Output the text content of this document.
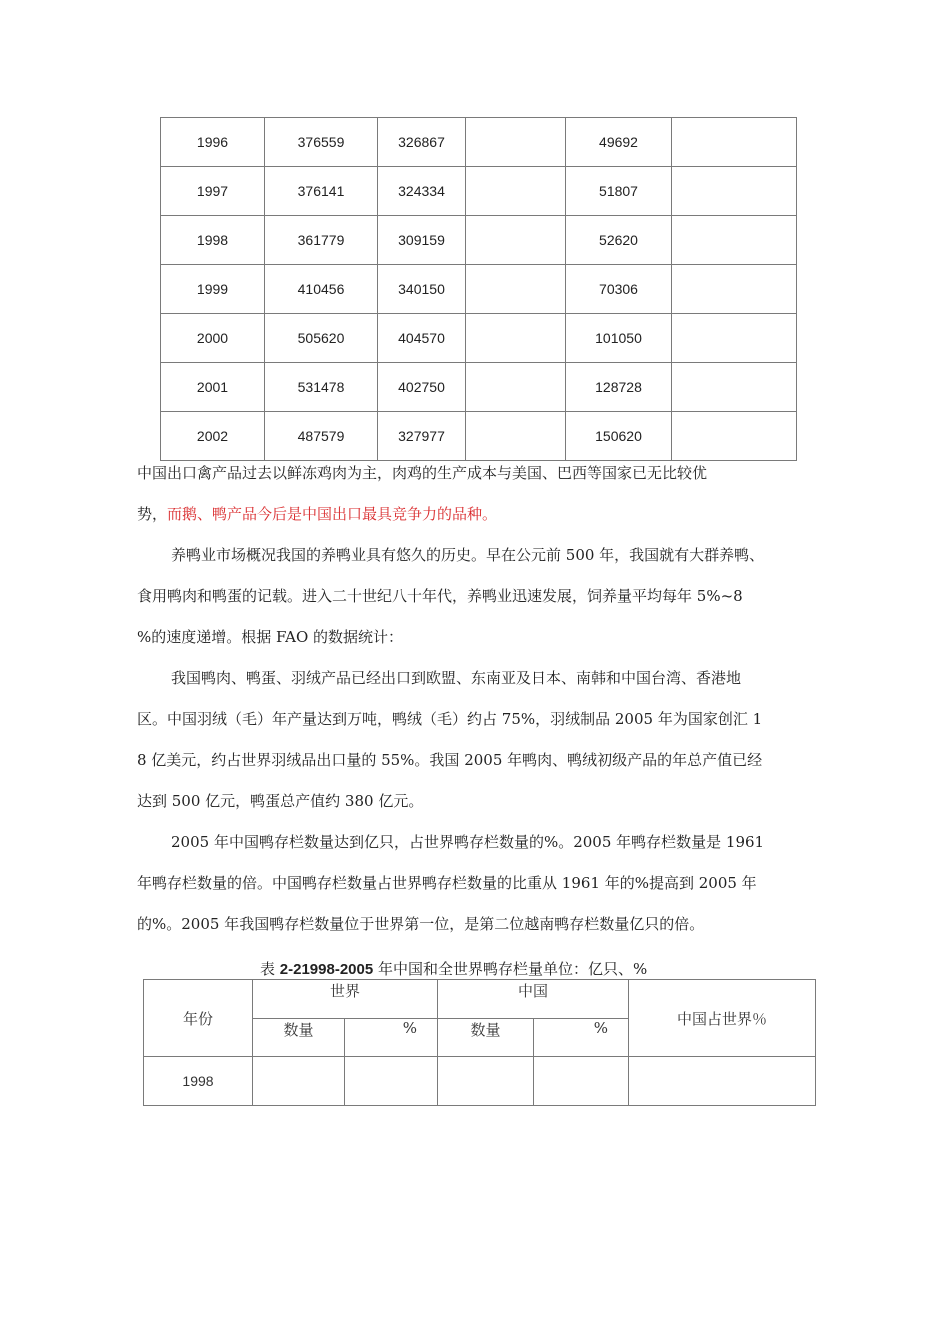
1996	376559	326867		49692	
1997	376141	324334		51807	
1998	361779	309159		52620	
1999	410456	340150		70306	
2000	505620	404570		101050	
2001	531478	402750		128728	
2002	487579	327977		150620	
中国出口禽产品过去以鲜冻鸡肉为主，肉鸡的生产成本与美国、巴西等国家已无比较优
势，而鹅、鸭产品今后是中国出口最具竞争力的品种。
养鸭业市场概况我国的养鸭业具有悠久的历史。早在公元前 500 年，我国就有大群养鸭、
食用鸭肉和鸭蛋的记载。进入二十世纪八十年代，养鸭业迅速发展，饲养量平均每年 5%~8
%的速度递增。根据 FAO 的数据统计：
我国鸭肉、鸭蛋、羽绒产品已经出口到欧盟、东南亚及日本、南韩和中国台湾、香港地
区。中国羽绒（毛）年产量达到万吨，鸭绒（毛）约占 75%，羽绒制品 2005 年为国家创汇 1
8 亿美元，约占世界羽绒品出口量的 55%。我国 2005 年鸭肉、鸭绒初级产品的年总产值已经
达到 500 亿元，鸭蛋总产值约 380 亿元。
2005 年中国鸭存栏数量达到亿只，占世界鸭存栏数量的%。2005 年鸭存栏数量是 1961
年鸭存栏数量的倍。中国鸭存栏数量占世界鸭存栏数量的比重从 1961 年的%提高到 2005 年
的%。2005 年我国鸭存栏数量位于世界第一位，是第二位越南鸭存栏数量亿只的倍。
表 2-21998-2005 年中国和全世界鸭存栏量单位：亿只、%
年份	世界		中国		中国占世界％
	数量	%	数量	%	
1998					
